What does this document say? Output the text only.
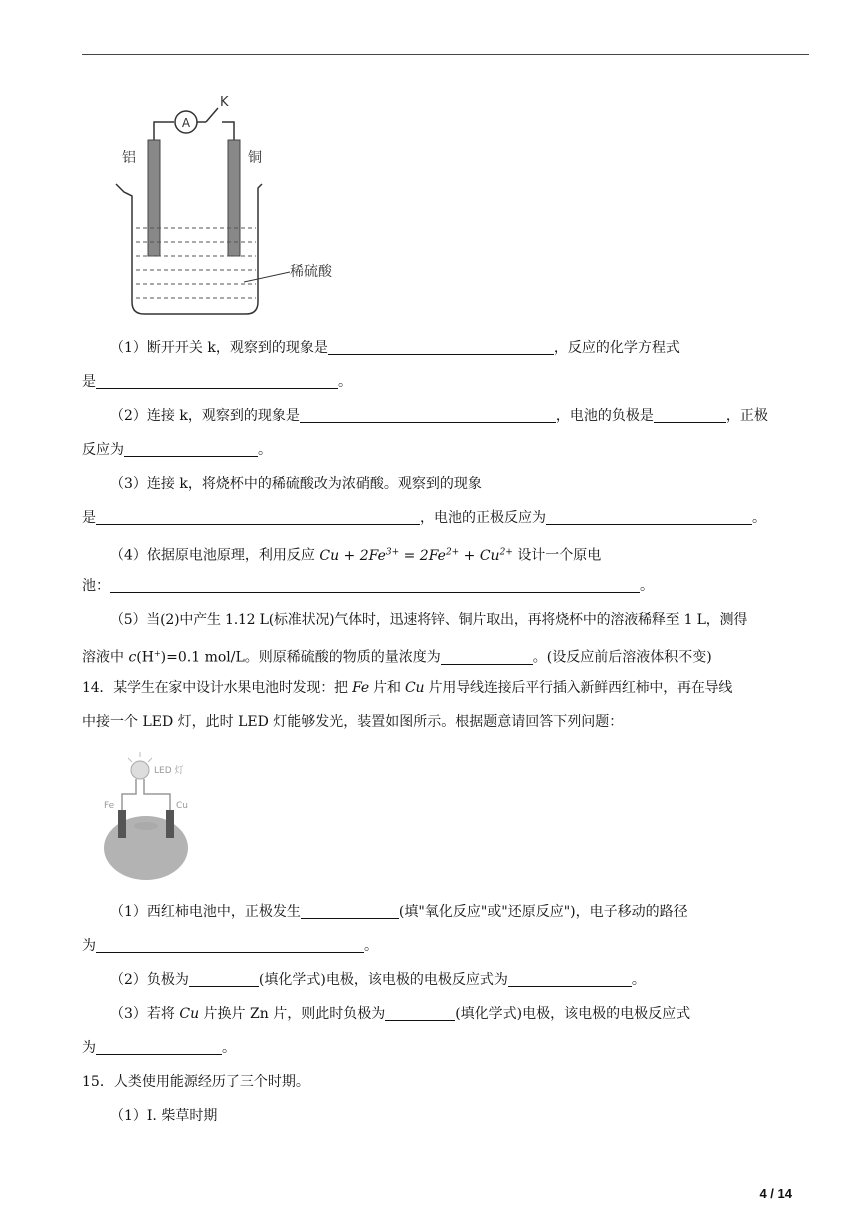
A
K
铝	铜
稀硫酸
（1）断开开关 k，观察到的现象是	，反应的化学方程式
是	。
（2）连接 k，观察到的现象是	，电池的负极是	，正极
反应为	。
（3）连接 k，将烧杯中的稀硫酸改为浓硝酸。观察到的现象
是	，电池的正极反应为	。
（4）依据原电池原理，利用反应 $Cu + 2Fe^{3+} = 2Fe^{2+} + Cu^{2+}$ 设计一个原电
池：	。
（5）当(2)中产生 1.12 L(标准状况)气体时，迅速将锌、铜片取出，再将烧杯中的溶液稀释至 1 L，测得
溶液中 c(H+)=0.1 mol/L。则原稀硫酸的物质的量浓度为	。(设反应前后溶液体积不变)
14．某学生在家中设计水果电池时发现：把 Fe 片和 Cu 片用导线连接后平行插入新鲜西红柿中，再在导线
中接一个 LED 灯，此时 LED 灯能够发光，装置如图所示。根据题意请回答下列问题：
LED 灯
Fe	Cu
（1）西红柿电池中，正极发生	(填"氧化反应"或"还原反应")，电子移动的路径
为	。
（2）负极为	(填化学式)电极，该电极的电极反应式为	。
（3）若将 Cu 片换片 Zn 片，则此时负极为	(填化学式)电极，该电极的电极反应式
为	。
15．人类使用能源经历了三个时期。
（1）Ⅰ. 柴草时期
4 / 14
